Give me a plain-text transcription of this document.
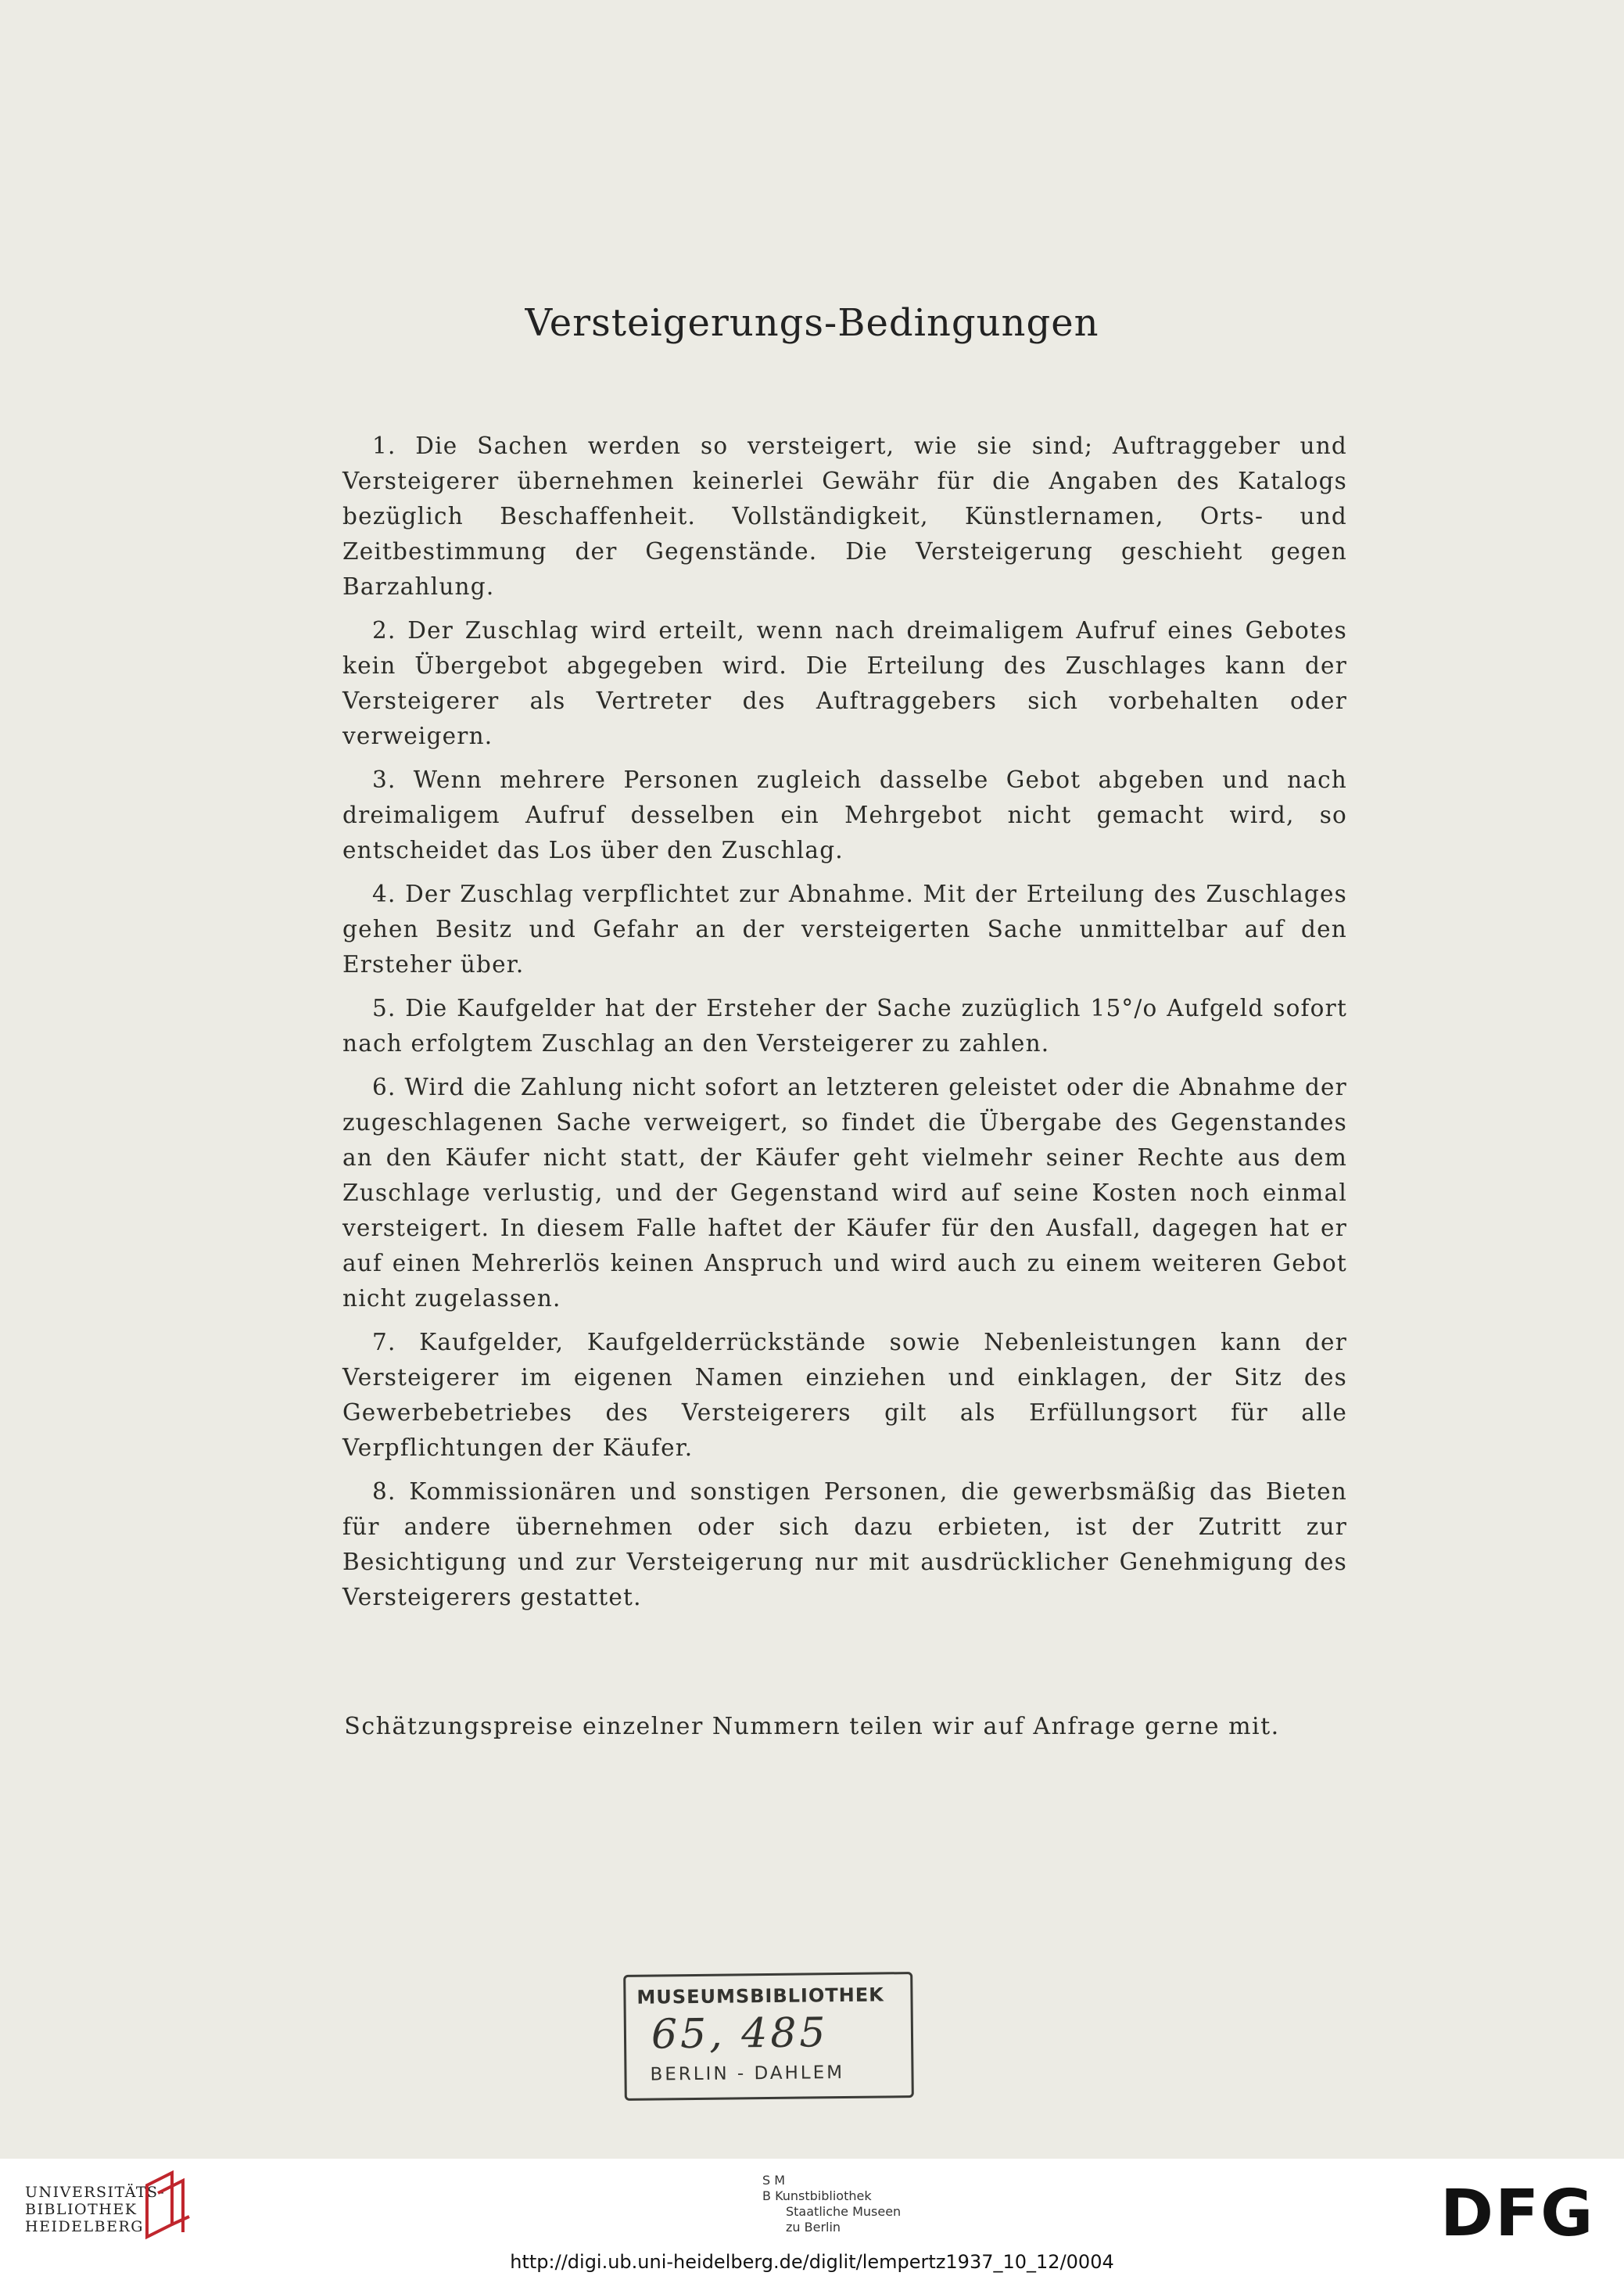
Versteigerungs-Bedingungen

1. Die Sachen werden so versteigert, wie sie sind; Auftraggeber und Versteigerer übernehmen keinerlei Gewähr für die Angaben des Katalogs bezüglich Beschaffenheit. Vollständigkeit, Künstlernamen, Orts- und Zeitbestimmung der Gegenstände. Die Versteigerung geschieht gegen Barzahlung.

2. Der Zuschlag wird erteilt, wenn nach dreimaligem Aufruf eines Gebotes kein Übergebot abgegeben wird. Die Erteilung des Zuschlages kann der Versteigerer als Vertreter des Auftraggebers sich vorbehalten oder verweigern.

3. Wenn mehrere Personen zugleich dasselbe Gebot abgeben und nach dreimaligem Aufruf desselben ein Mehrgebot nicht gemacht wird, so entscheidet das Los über den Zuschlag.

4. Der Zuschlag verpflichtet zur Abnahme. Mit der Erteilung des Zuschlages gehen Besitz und Gefahr an der versteigerten Sache unmittelbar auf den Ersteher über.

5. Die Kaufgelder hat der Ersteher der Sache zuzüglich 15°/o Aufgeld sofort nach erfolgtem Zuschlag an den Versteigerer zu zahlen.

6. Wird die Zahlung nicht sofort an letzteren geleistet oder die Abnahme der zugeschlagenen Sache verweigert, so findet die Übergabe des Gegenstandes an den Käufer nicht statt, der Käufer geht vielmehr seiner Rechte aus dem Zuschlage verlustig, und der Gegenstand wird auf seine Kosten noch einmal versteigert. In diesem Falle haftet der Käufer für den Ausfall, dagegen hat er auf einen Mehrerlös keinen Anspruch und wird auch zu einem weiteren Gebot nicht zugelassen.

7. Kaufgelder, Kaufgelderrückstände sowie Nebenleistungen kann der Versteigerer im eigenen Namen einziehen und einklagen, der Sitz des Gewerbebetriebes des Versteigerers gilt als Erfüllungsort für alle Verpflichtungen der Käufer.

8. Kommissionären und sonstigen Personen, die gewerbsmäßig das Bieten für andere übernehmen oder sich dazu erbieten, ist der Zutritt zur Besichtigung und zur Versteigerung nur mit ausdrücklicher Genehmigung des Versteigerers gestattet.

Schätzungspreise einzelner Nummern teilen wir auf Anfrage gerne mit.
MUSEUMSBIBLIOTHEK
65, 485
BERLIN - DAHLEM
UNIVERSITÄTS-
BIBLIOTHEK
HEIDELBERG
S M
B Kunstbibliothek
Staatliche Museen
zu Berlin	DFG
http://digi.ub.uni-heidelberg.de/diglit/lempertz1937_10_12/0004
